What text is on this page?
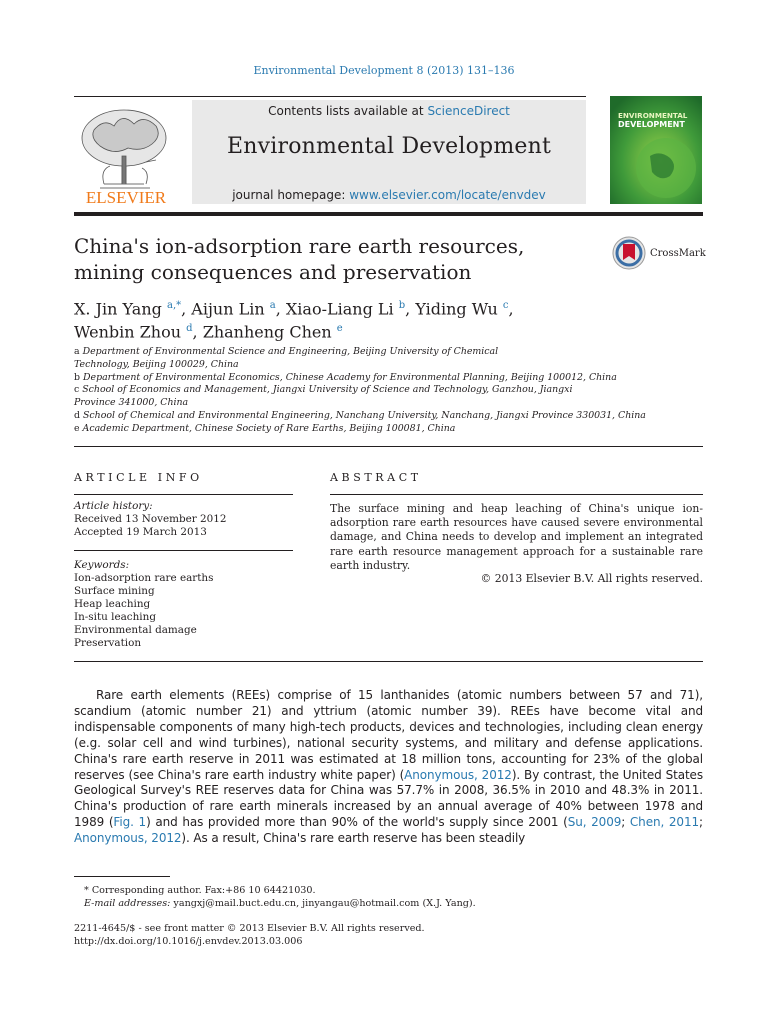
Environmental Development 8 (2013) 131–136
ELSEVIER
Contents lists available at ScienceDirect
Environmental Development
journal homepage: www.elsevier.com/locate/envdev
ENVIRONMENTAL
DEVELOPMENT
China's ion-adsorption rare earth resources,
mining consequences and preservation
CrossMark
X. Jin Yang $^{a,*}$, Aijun Lin $^a$, Xiao-Liang Li $^b$, Yiding Wu $^c$,
Wenbin Zhou $^d$, Zhanheng Chen $^e$
a Department of Environmental Science and Engineering, Beijing University of Chemical Technology, Beijing 100029, China
b Department of Environmental Economics, Chinese Academy for Environmental Planning, Beijing 100012, China
c School of Economics and Management, Jiangxi University of Science and Technology, Ganzhou, Jiangxi Province 341000, China
d School of Chemical and Environmental Engineering, Nanchang University, Nanchang, Jiangxi Province 330031, China
e Academic Department, Chinese Society of Rare Earths, Beijing 100081, China
ARTICLE INFO
Article history:
Received 13 November 2012
Accepted 19 March 2013
Keywords:
Ion-adsorption rare earths
Surface mining
Heap leaching
In-situ leaching
Environmental damage
Preservation
ABSTRACT
The surface mining and heap leaching of China's unique ion-adsorption rare earth resources have caused severe environmental damage, and China needs to develop and implement an integrated rare earth resource management approach for a sustainable rare earth industry.
© 2013 Elsevier B.V. All rights reserved.
Rare earth elements (REEs) comprise of 15 lanthanides (atomic numbers between 57 and 71), scandium (atomic number 21) and yttrium (atomic number 39). REEs have become vital and indispensable components of many high-tech products, devices and technologies, including clean energy (e.g. solar cell and wind turbines), national security systems, and military and defense applications. China's rare earth reserve in 2011 was estimated at 18 million tons, accounting for 23% of the global reserves (see China's rare earth industry white paper) (Anonymous, 2012). By contrast, the United States Geological Survey's REE reserves data for China was 57.7% in 2008, 36.5% in 2010 and 48.3% in 2011. China's production of rare earth minerals increased by an annual average of 40% between 1978 and 1989 (Fig. 1) and has provided more than 90% of the world's supply since 2001 (Su, 2009; Chen, 2011; Anonymous, 2012). As a result, China's rare earth reserve has been steadily
* Corresponding author. Fax:+86 10 64421030.
E-mail addresses: yangxj@mail.buct.edu.cn, jinyangau@hotmail.com (X.J. Yang).
2211-4645/$ - see front matter © 2013 Elsevier B.V. All rights reserved.
http://dx.doi.org/10.1016/j.envdev.2013.03.006
